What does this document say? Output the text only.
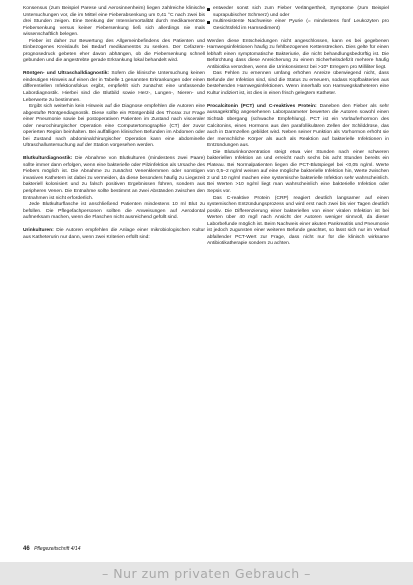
Konsensus (zum Beispiel Parese und Aerosinnenheim) liegen zahlreiche klinische Untersuchungen vor, die im Mittel eine Fieberabsenkung um 0,41 °C nach zwei bis drei Stunden zeigen. Eine Senkung der Intensivmortalität durch medikamentöse Fiebersenkung versus keiner Fiebersenkung ließ sich allerdings nie mals wissenschaftlich belegen.

Fieber ist daher zur Bewertung des Allgemeinbefindens des Patienten und Einbezogenes Kreislaufs bei Bedarf medikamentös zu senken. Der Cefazem-prognosedruck gebeten eher davon abhängen, ob die Fiebersenkung schnell gebunden und die angestrebte gerade Erkrankung lokal behandelt wird.

Röntgen- und Ultraschalldiagnostik: Sofern die klinische Untersuchung keinen eindeutigen Hinweis auf einen der in Tabelle 1 genannten Erkrankungen oder einen differentiellen Infektionsfokus ergibt, empfiehlt sich zunächst eine umfassende Labordiagnostik. Hierbei sind die Blutbild sowie Herz-, Lungen-, Nieren- und Leberwerte zu bestimmen.

Ergibt sich weiterhin kein Hinweis auf die Diagnose empfehlen die Autoren eine abgestufte Röntgendiagnostik. Diese sollte ein Röntgenbild des Thorax zur Frage einer Pneumonie sowie bei postoperativen Patienten im Zustand nach visceraler oder neurochirurgischer Operation eine Computertomographie (CT) der zuvor operierten Region beinhalten. Bei auffälligen klinischen Befunden im Abdomen oder bei Zustand nach abdominalchirurgischer Operation kann eine abdominelle Ultraschalluntersuchung auf der Station vorgesehen werden.

Blutkulturdiagnostik: Die Abnahme von Blutkulturen (mindestens zwei Paare) sollte immer dann erfolgen, wenn eine bakterielle oder Pilzinfektion als Ursache des Fiebers möglich ist. Die Abnahme zu zunächst Venenklemmen oder sonstigen invasiven Kathetern ist dabei zu vermeiden, da diese besonders häufig zu Liegezeit bakteriell kolonisiert und zu falsch positiven Ergebnissen führen, sondern aus peripheren Venen. Die Entnahme sollte bestimmt an zwei Abständen zwischen den Entnahmen ist nicht erforderlich.

Jede Blutkulturflasche ist anschließend Patienten mindestens 10 ml Blut zu befüllen. Die Pflegefachpersonen sollten die Anweisungen auf Aerodontal aufmerksam machen, wenn die Flaschen nicht ausreichend gefüllt sind.

Urinkulturen: Die Autoren empfehlen die Anlage einer mikrobiologischen Kultur aus Katheterurin nur dann, wenn zwei Kriterien erfüllt sind:

entweder sonst sich zum Fieber Verlängertheit, Symptome (zum Beispiel suprapubischer Schmerz) und oder
multiresistente Nachweise einer Pyurie (= mindestens fünf Leukozyten pro Gesichtsfeld im Harnsediment)

Werden diese Entscheidungen nicht angeschlossen, kann es bei gegebenen Harnwegsinfektionen häufig zu fehlbezogenen Kettenstrecken. Dies gelte für einen lebhaft einen symptomatische Bakteriurie, die nicht behandlungsbedürftig ist. Die Befürchtung dass diese Anreicherung zu einem Sicherheitsdefizit mehrere häufig Antibiotika verordnen, wenn die Urinkonsistenz bei >10⁵ Erregern pro Milliliter liegt.

Das Fehlen zu ernennen umfang erhöhen Anreize überwiegend nicht, dass Befunde der Infektion sind, sind die Status zu erneuern, sodass Kopfbakterien aus bestehenden Harnwegsinfektionen. Wenn innerhalb von Harnwegskatheteren eine Kultur indiziert ist, ist dies in einen frisch gelegtem Katheter.

Procalcitonin (PCT) und C-reaktives Protein: Daneben den Fieber als sehr aussagekräftig angesehenen Laborparameter bewerten die Autoren sowohl einen Sichtab übergang (schwache Empfehlung). PCT ist ein Vorläuferhormon des Calcitonins, eines Hormons aus den parafollikulären Zellen der Schilddrüse, das auch in Darmzellen gebildet wird. Neben seiner Funktion als Vorhormon erhöht sie der menschliche Körper als auch als Reaktion auf bakterielle Infektionen in Entzündungen aus.

Die Bluturinkonzentration steigt etwa vier Stunden nach einer schweren bakteriellen Infektion an und erreicht nach sechs bis acht Stunden bereits ein Plateau. Bei Normalpatienten liegen die PCT-Blutspiegel bei <0,05 ng/ml. Werte von 0,5–2 ng/ml weisen auf eine mögliche bakterielle Infektion hin, Werte zwischen 2 und 10 ng/ml machen eine systemische bakterielle Infektion sehr wahrscheinlich. Bei Werten >10 ng/ml liegt man wahrscheinlich eine bakterielle Infektion oder Sepsis vor.

Das C-reaktive Protein (CRP) reagiert deutlich langsamer auf einen systemischen Entzündungsprozess und wird erst nach zwei bis vier Tagen deutlich positiv. Die Differenzierung einer bakteriellen von einer viralen Infektion ist bei Werten über 40 mg/l nach Ansicht der Autoren weniger sinnvoll, da dieser Laborbefunde möglich ist. Beim Nachweis einer akuten Pankreatitis und Pneumonie ist jedoch zugunsten einer weiteren Befunde geachtet, so lässt sich nur im Verlauf abfallender PCT-Wert zur Frage, dass nicht nur für die klinisch wirksame Antibiotikatherapie sondern zu achten.

46 Pflegezeitschrift 4/14
– Nur zum privaten Gebrauch –
